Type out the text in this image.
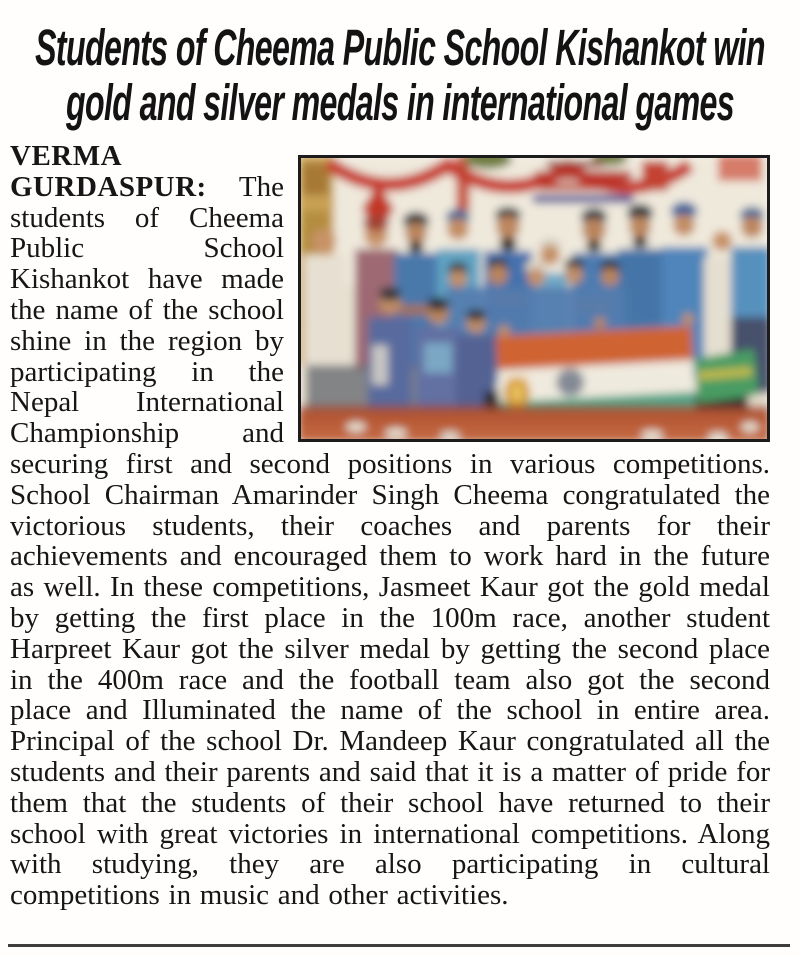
Students of Cheema Public School Kishankot win
gold and silver medals in international games

VERMA
GURDASPUR: The students of Cheema Public School Kishankot have made the name of the school shine in the region by participating in the Nepal International Championship and securing first and second positions in various competitions. School Chairman Amarinder Singh Cheema congratulated the victorious students, their coaches and parents for their achievements and encouraged them to work hard in the future as well. In these competitions, Jasmeet Kaur got the gold medal by getting the first place in the 100m race, another student Harpreet Kaur got the silver medal by getting the second place in the 400m race and the football team also got the second place and Illuminated the name of the school in entire area. Principal of the school Dr. Mandeep Kaur congratulated all the students and their parents and said that it is a matter of pride for them that the students of their school have returned to their school with great victories in international competitions. Along with studying, they are also participating in cultural competitions in music and other activities.
